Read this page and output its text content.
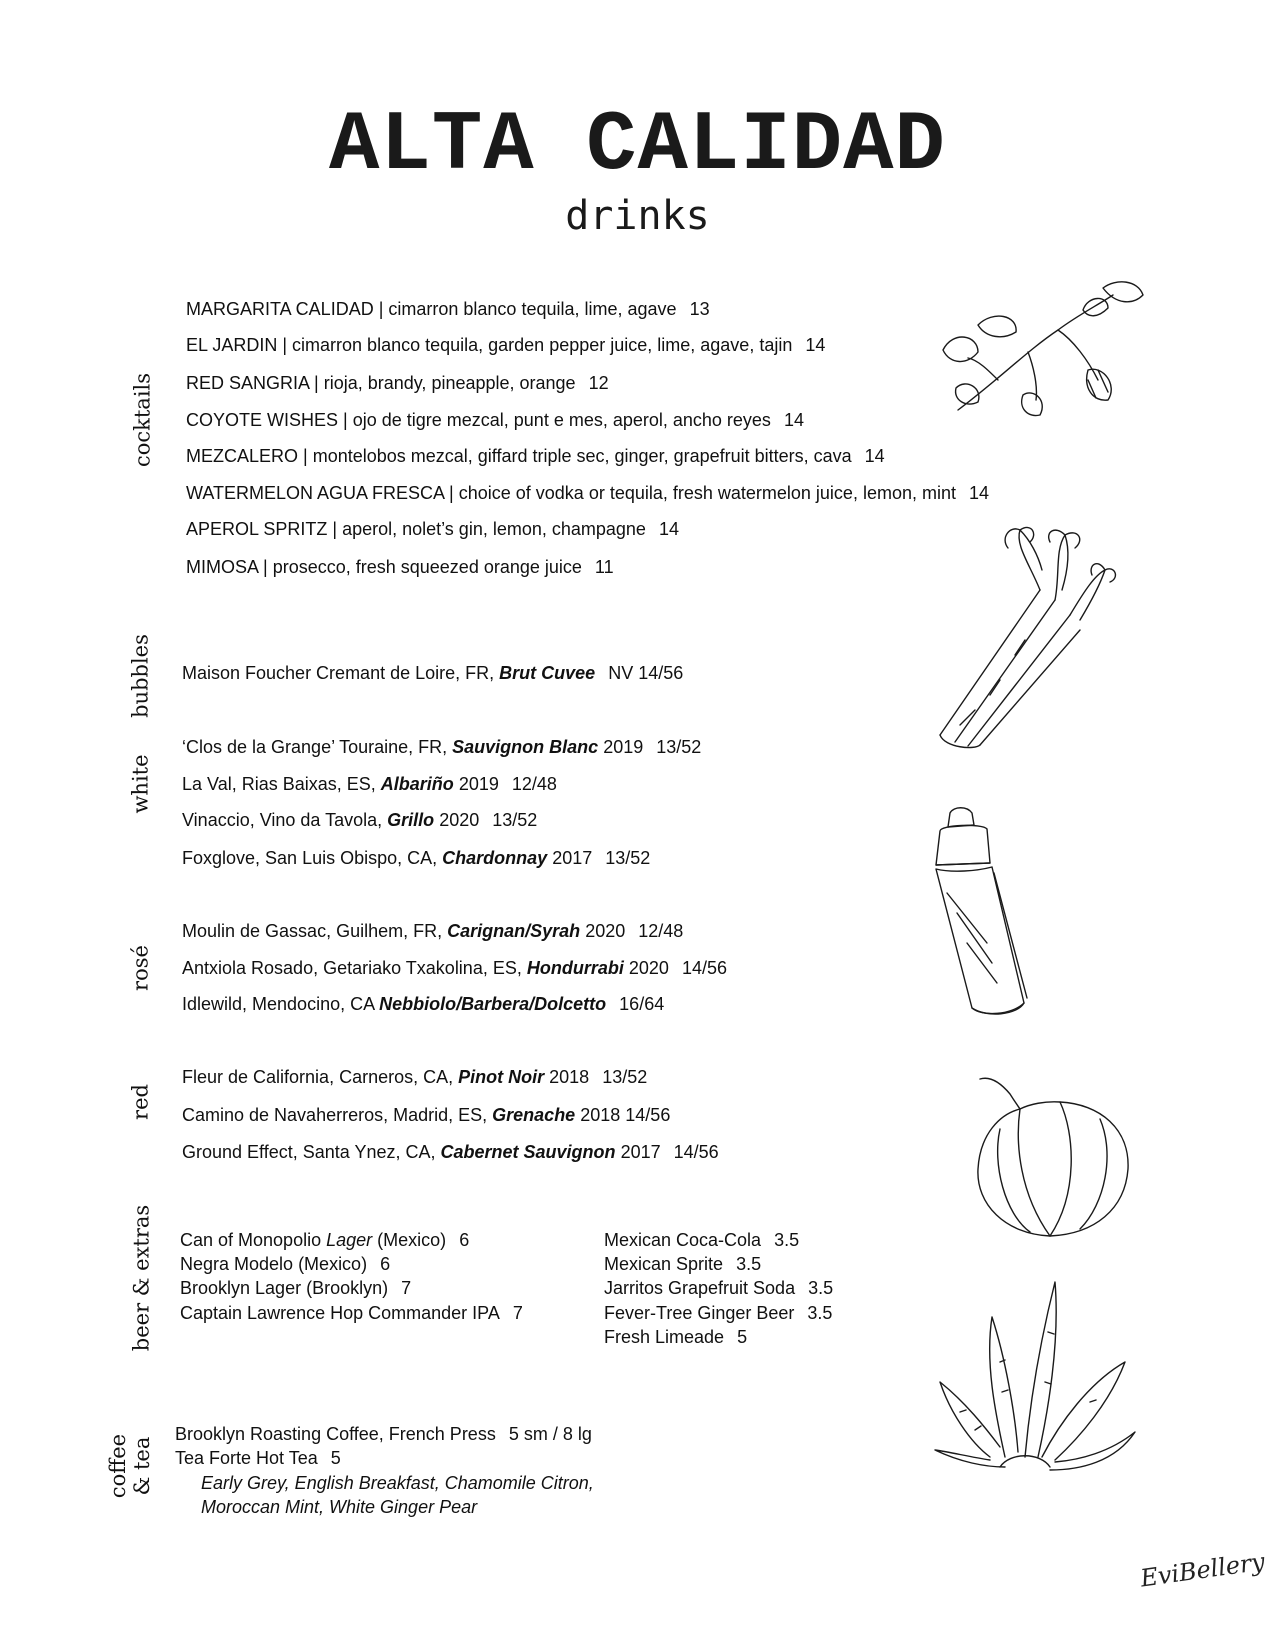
ALTA CALIDAD
drinks
cocktails
bubbles
white
rosé
red
beer & extras
coffee
& tea
MARGARITA CALIDAD | cimarron blanco tequila, lime, agave 13
EL JARDIN | cimarron blanco tequila, garden pepper juice, lime, agave, tajin 14
RED SANGRIA | rioja, brandy, pineapple, orange 12
COYOTE WISHES | ojo de tigre mezcal, punt e mes, aperol, ancho reyes 14
MEZCALERO | montelobos mezcal, giffard triple sec, ginger, grapefruit bitters, cava 14
WATERMELON AGUA FRESCA | choice of vodka or tequila, fresh watermelon juice, lemon, mint 14
APEROL SPRITZ | aperol, nolet’s gin, lemon, champagne 14
MIMOSA | prosecco, fresh squeezed orange juice 11
Maison Foucher Cremant de Loire, FR, Brut Cuvee NV 14/56
‘Clos de la Grange’ Touraine, FR, Sauvignon Blanc 2019 13/52
La Val, Rias Baixas, ES, Albariño 2019 12/48
Vinaccio, Vino da Tavola, Grillo 2020 13/52
Foxglove, San Luis Obispo, CA, Chardonnay 2017 13/52
Moulin de Gassac, Guilhem, FR, Carignan/Syrah 2020 12/48
Antxiola Rosado, Getariako Txakolina, ES, Hondurrabi 2020 14/56
Idlewild, Mendocino, CA Nebbiolo/Barbera/Dolcetto 16/64
Fleur de California, Carneros, CA, Pinot Noir 2018 13/52
Camino de Navaherreros, Madrid, ES, Grenache 2018 14/56
Ground Effect, Santa Ynez, CA, Cabernet Sauvignon 2017 14/56
Can of Monopolio Lager (Mexico) 6
Negra Modelo (Mexico) 6
Brooklyn Lager (Brooklyn) 7
Captain Lawrence Hop Commander IPA 7
Mexican Coca-Cola 3.5
Mexican Sprite 3.5
Jarritos Grapefruit Soda 3.5
Fever-Tree Ginger Beer 3.5
Fresh Limeade 5
Brooklyn Roasting Coffee, French Press 5 sm / 8 lg
Tea Forte Hot Tea 5
Early Grey, English Breakfast, Chamomile Citron,
Moroccan Mint, White Ginger Pear
EviBellery
